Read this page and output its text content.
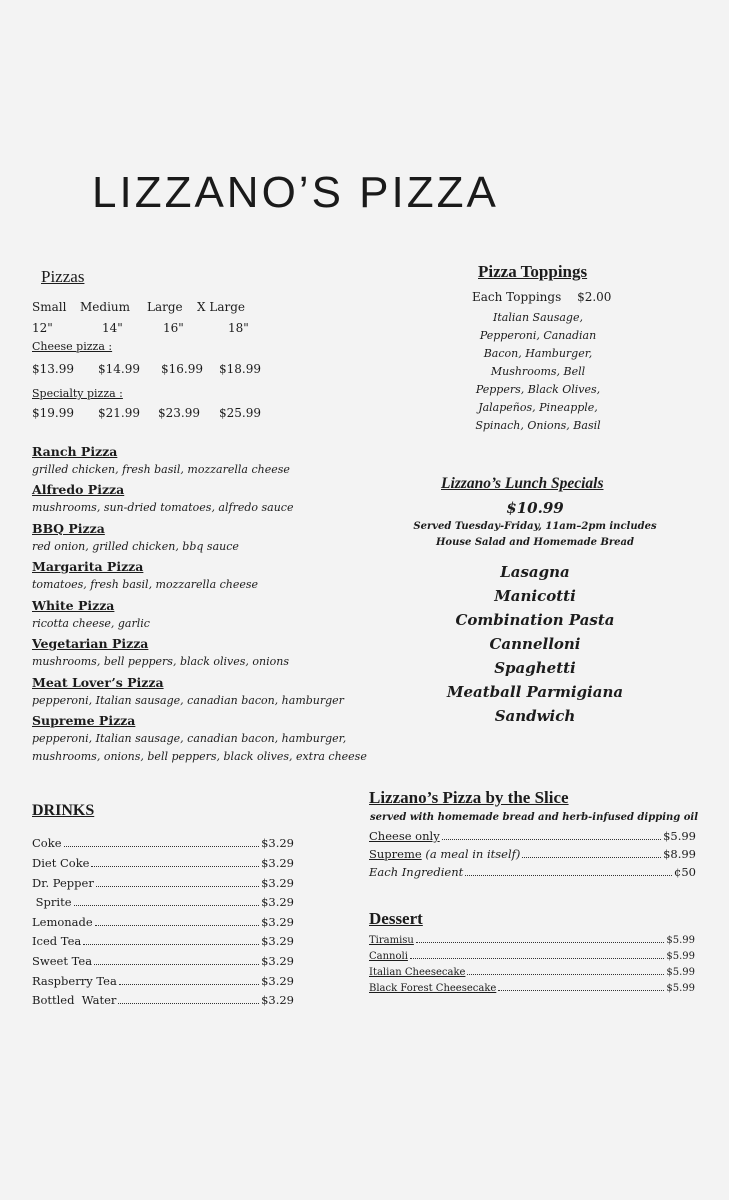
LIZZANO’S PIZZA
Pizzas
Small Medium Large X Large
12"	14"	16"	18"
Cheese pizza :
$13.99 $14.99 $16.99 $18.99
Specialty pizza :
$19.99 $21.99 $23.99 $25.99
Ranch Pizza
grilled chicken, fresh basil, mozzarella cheese
Alfredo Pizza
mushrooms, sun-dried tomatoes, alfredo sauce
BBQ Pizza
red onion, grilled chicken, bbq sauce
Margarita Pizza
tomatoes, fresh basil, mozzarella cheese
White Pizza
ricotta cheese, garlic
Vegetarian Pizza
mushrooms, bell peppers, black olives, onions
Meat Lover’s Pizza
pepperoni, Italian sausage, canadian bacon, hamburger
Supreme Pizza
pepperoni, Italian sausage, canadian bacon, hamburger,
mushrooms, onions, bell peppers, black olives, extra cheese
Pizza Toppings
Each Toppings $2.00
Italian Sausage,
Pepperoni, Canadian
Bacon, Hamburger,
Mushrooms, Bell
Peppers, Black Olives,
Jalapeños, Pineapple,
Spinach, Onions, Basil
Lizzano’s Lunch Specials
$10.99
Served Tuesday-Friday, 11am–2pm includes
House Salad and Homemade Bread
Lasagna
Manicotti
Combination Pasta
Cannelloni
Spaghetti
Meatball Parmigiana
Sandwich
DRINKS
Coke	$3.29
Diet Coke	$3.29
Dr. Pepper	$3.29
Sprite	$3.29
Lemonade	$3.29
Iced Tea	$3.29
Sweet Tea	$3.29
Raspberry Tea	$3.29
Bottled  Water	$3.29
Lizzano’s Pizza by the Slice
served with homemade bread and herb-infused dipping oil
Cheese only	$5.99
Supreme (a meal in itself)	$8.99
Each Ingredient	¢50
Dessert
Tiramisu	$5.99
Cannoli	$5.99
Italian Cheesecake	$5.99
Black Forest Cheesecake	$5.99
